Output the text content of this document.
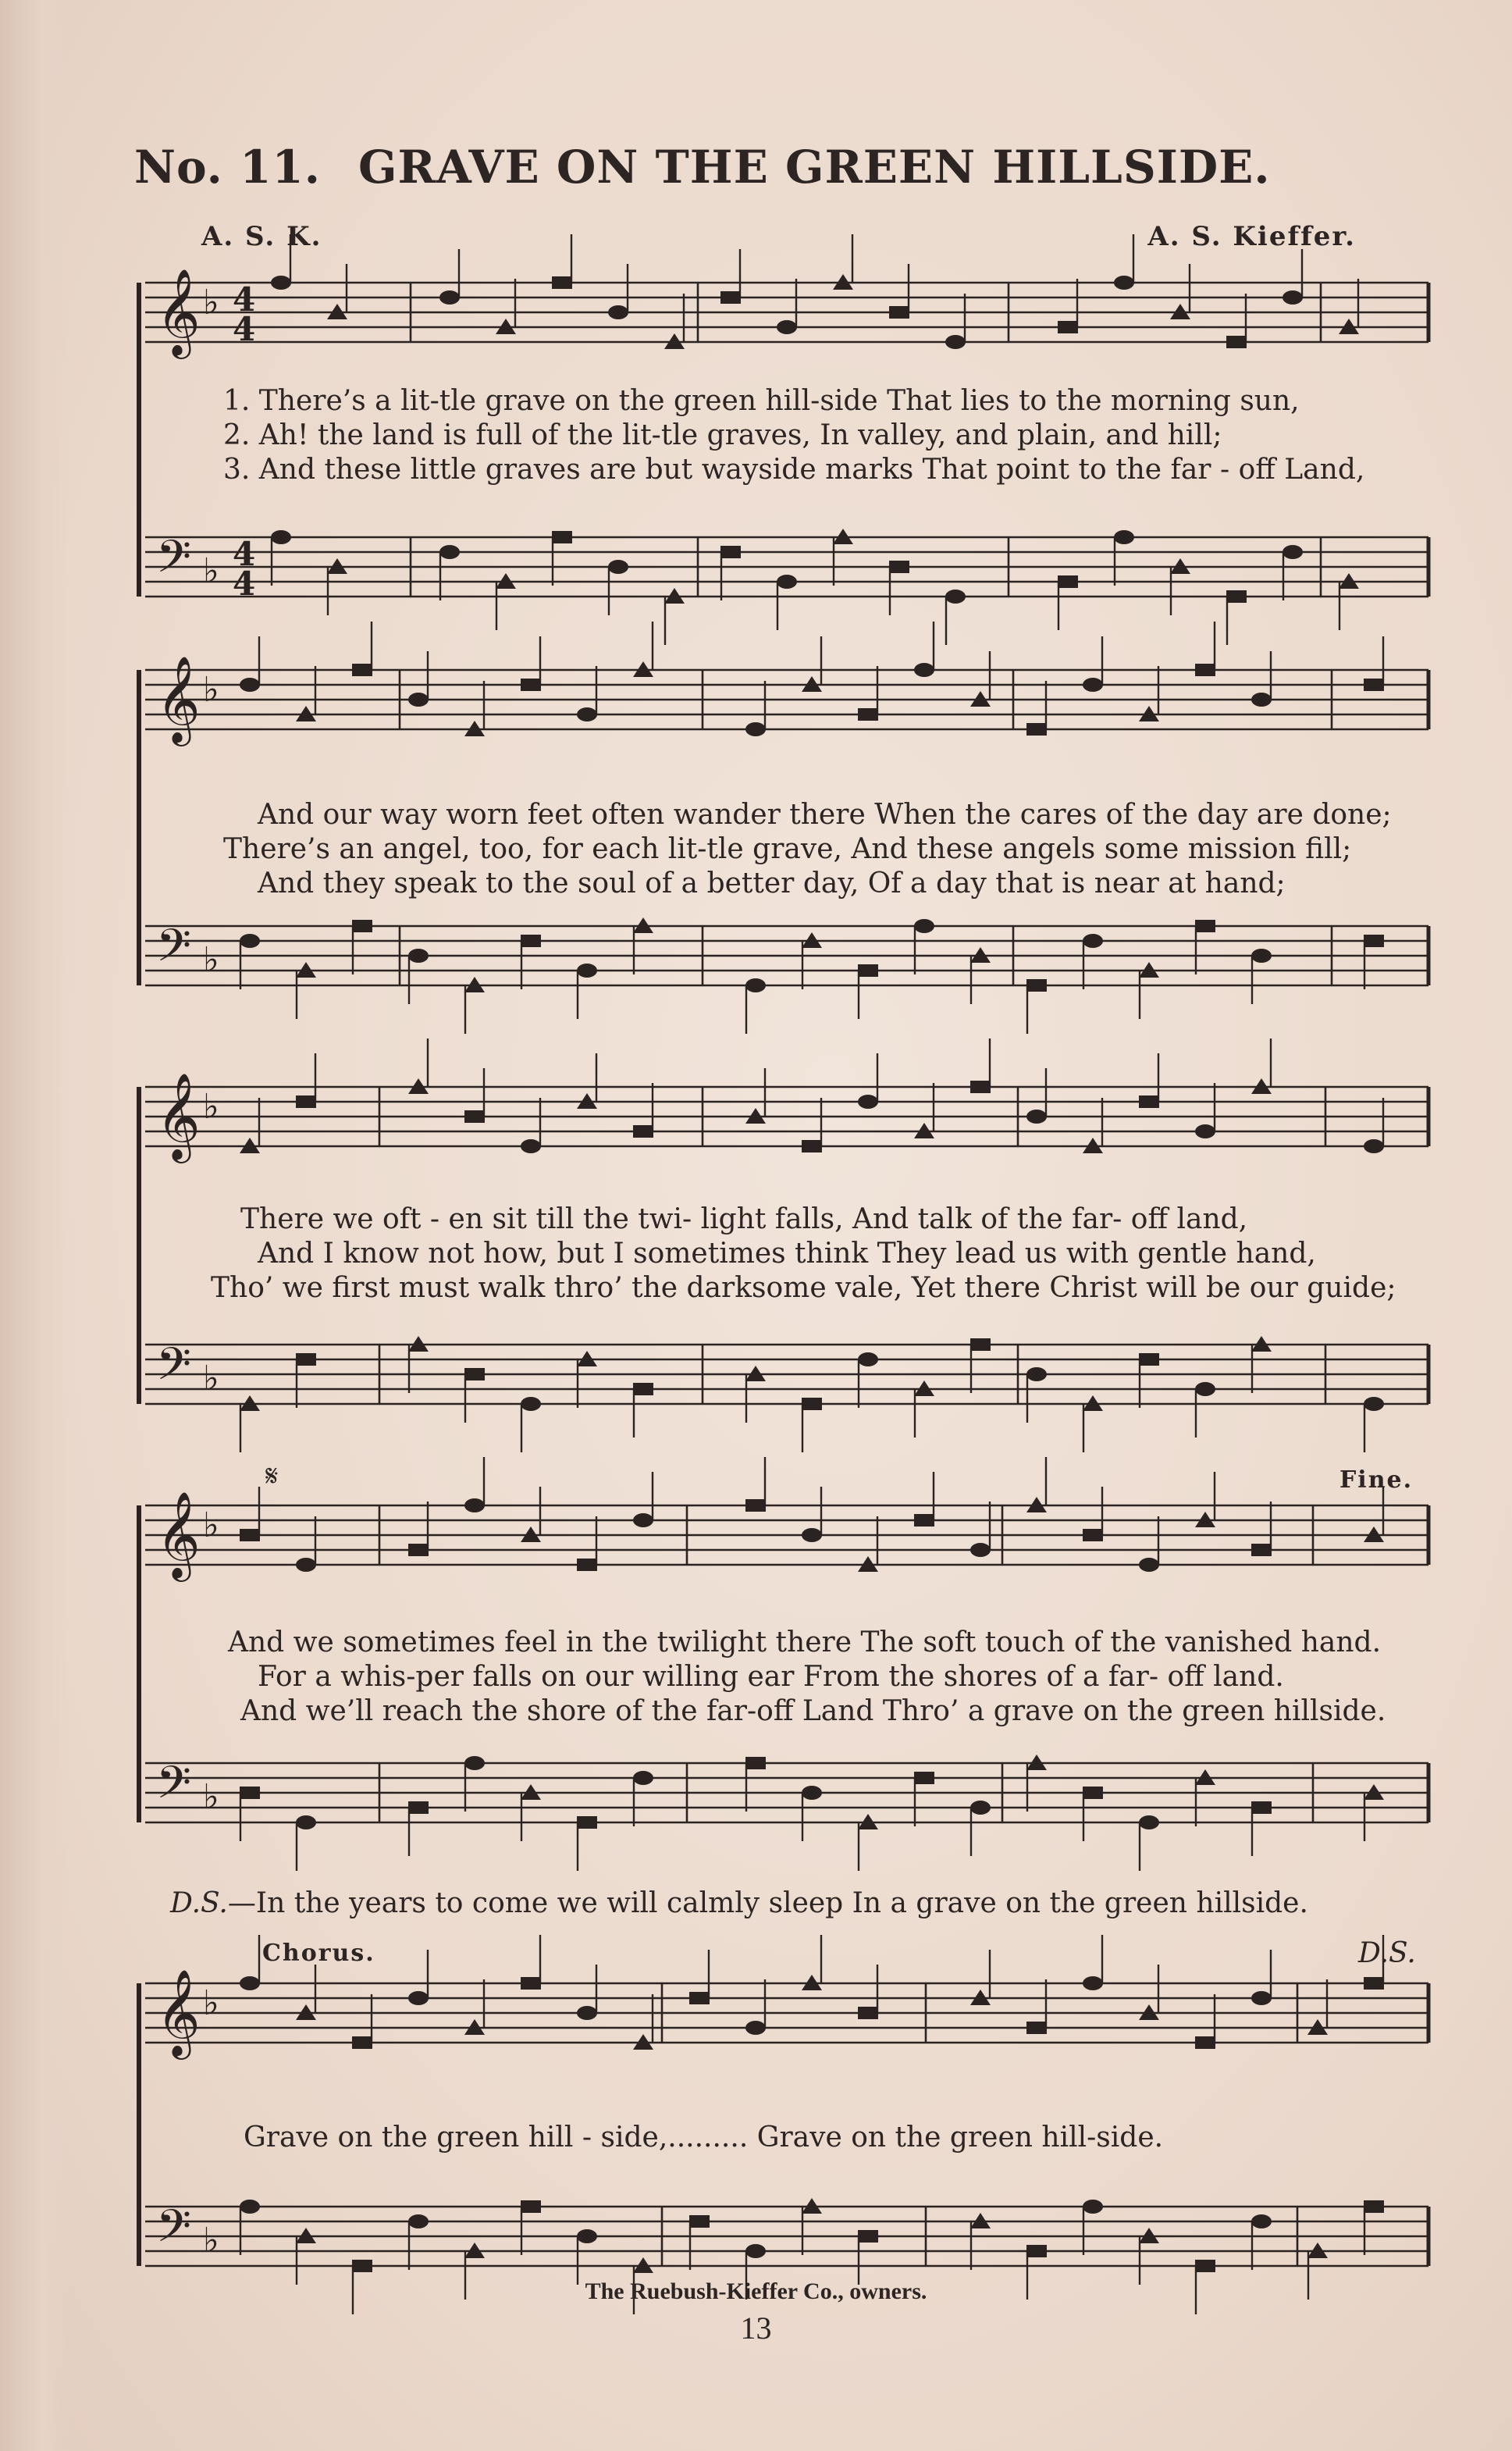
No. 11. GRAVE ON THE GREEN HILLSIDE.
A. S. K.	A. S. Kieffer.
𝄞 ♭ 4
4
𝄢 ♭ 4
4
𝄞 ♭
𝄢 ♭
𝄞 ♭
𝄢 ♭
𝄞 ♭
𝄢 ♭
𝄞 ♭
𝄢 ♭
1. There’s a lit-tle grave on the green hill-side That lies to the morning sun,
2. Ah! the land is full of the lit-tle graves, In valley, and plain, and hill;
3. And these little graves are but wayside marks That point to the far - off Land,
And our way worn feet often wander there When the cares of the day are done;
There’s an angel, too, for each lit-tle grave, And these angels some mission fill;
And they speak to the soul of a better day, Of a day that is near at hand;
There we oft - en sit till the twi- light falls, And talk of the far- off land,
And I know not how, but I sometimes think They lead us with gentle hand,
Tho’ we first must walk thro’ the darksome vale, Yet there Christ will be our guide;
𝄋	Fine.
And we sometimes feel in the twilight there The soft touch of the vanished hand.
For a whis-per falls on our willing ear From the shores of a far- off land.
And we’ll reach the shore of the far-off Land Thro’ a grave on the green hillside.
D.S.—In the years to come we will calmly sleep In a grave on the green hillside.
Chorus.	D.S.
Grave on the green hill - side,......... Grave on the green hill-side.
The Ruebush-Kieffer Co., owners.
13
